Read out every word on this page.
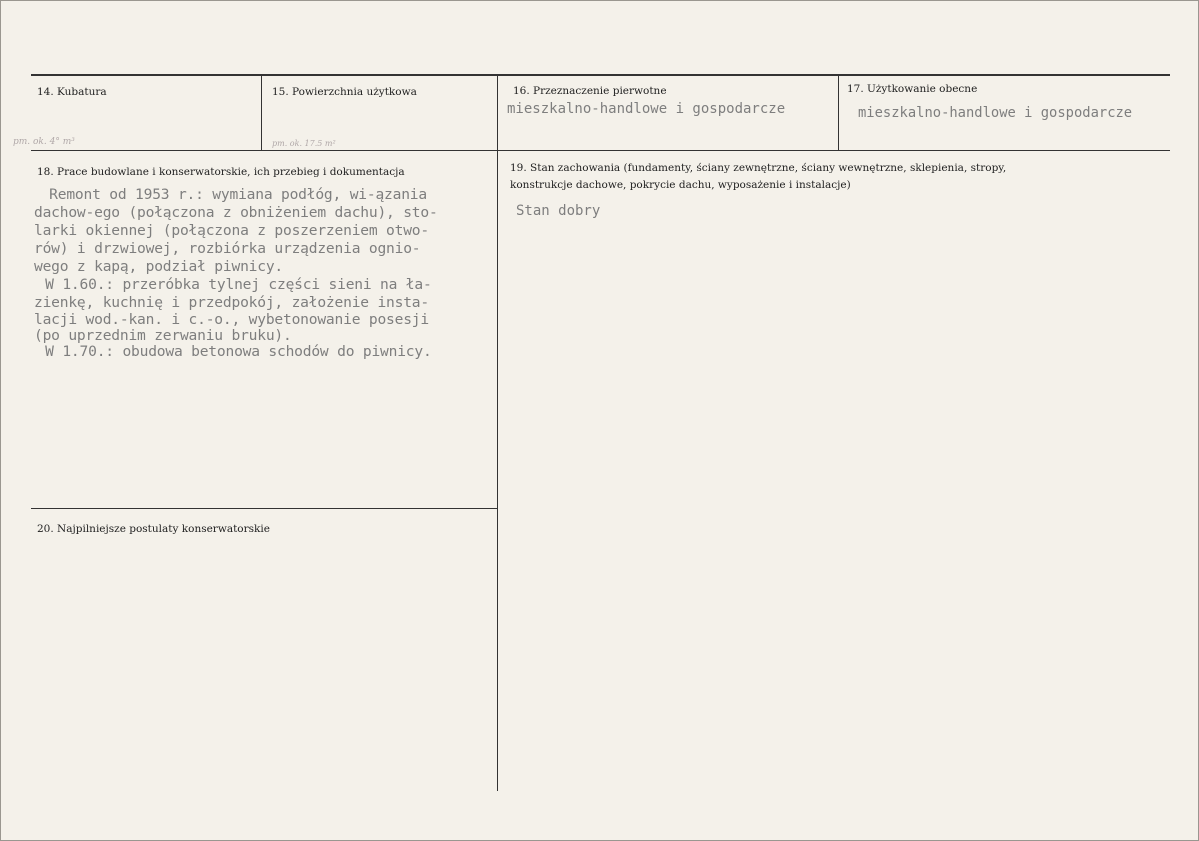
14. Kubatura
pm. ok. 4° m³
15. Powierzchnia użytkowa
pm. ok. 17.5 m²
16. Przeznaczenie pierwotne
mieszkalno-handlowe i gospodarcze
17. Użytkowanie obecne
mieszkalno-handlowe i gospodarcze
18. Prace budowlane i konserwatorskie, ich przebieg i dokumentacja
Remont od 1953 r.: wymiana podłóg, wi-ązania
dachow-ego (połączona z obniżeniem dachu), sto-
larki okiennej (połączona z poszerzeniem otwo-
rów) i drzwiowej, rozbiórka urządzenia ognio-
wego z kapą, podział piwnicy.
W 1.60.: przeróbka tylnej części sieni na ła-
zienkę, kuchnię i przedpokój, założenie insta-
lacji wod.-kan. i c.-o., wybetonowanie posesji
(po uprzednim zerwaniu bruku).
W 1.70.: obudowa betonowa schodów do piwnicy.
19. Stan zachowania (fundamenty, ściany zewnętrzne, ściany wewnętrzne, sklepienia, stropy,
konstrukcje dachowe, pokrycie dachu, wyposażenie i instalacje)
Stan dobry
20. Najpilniejsze postulaty konserwatorskie
